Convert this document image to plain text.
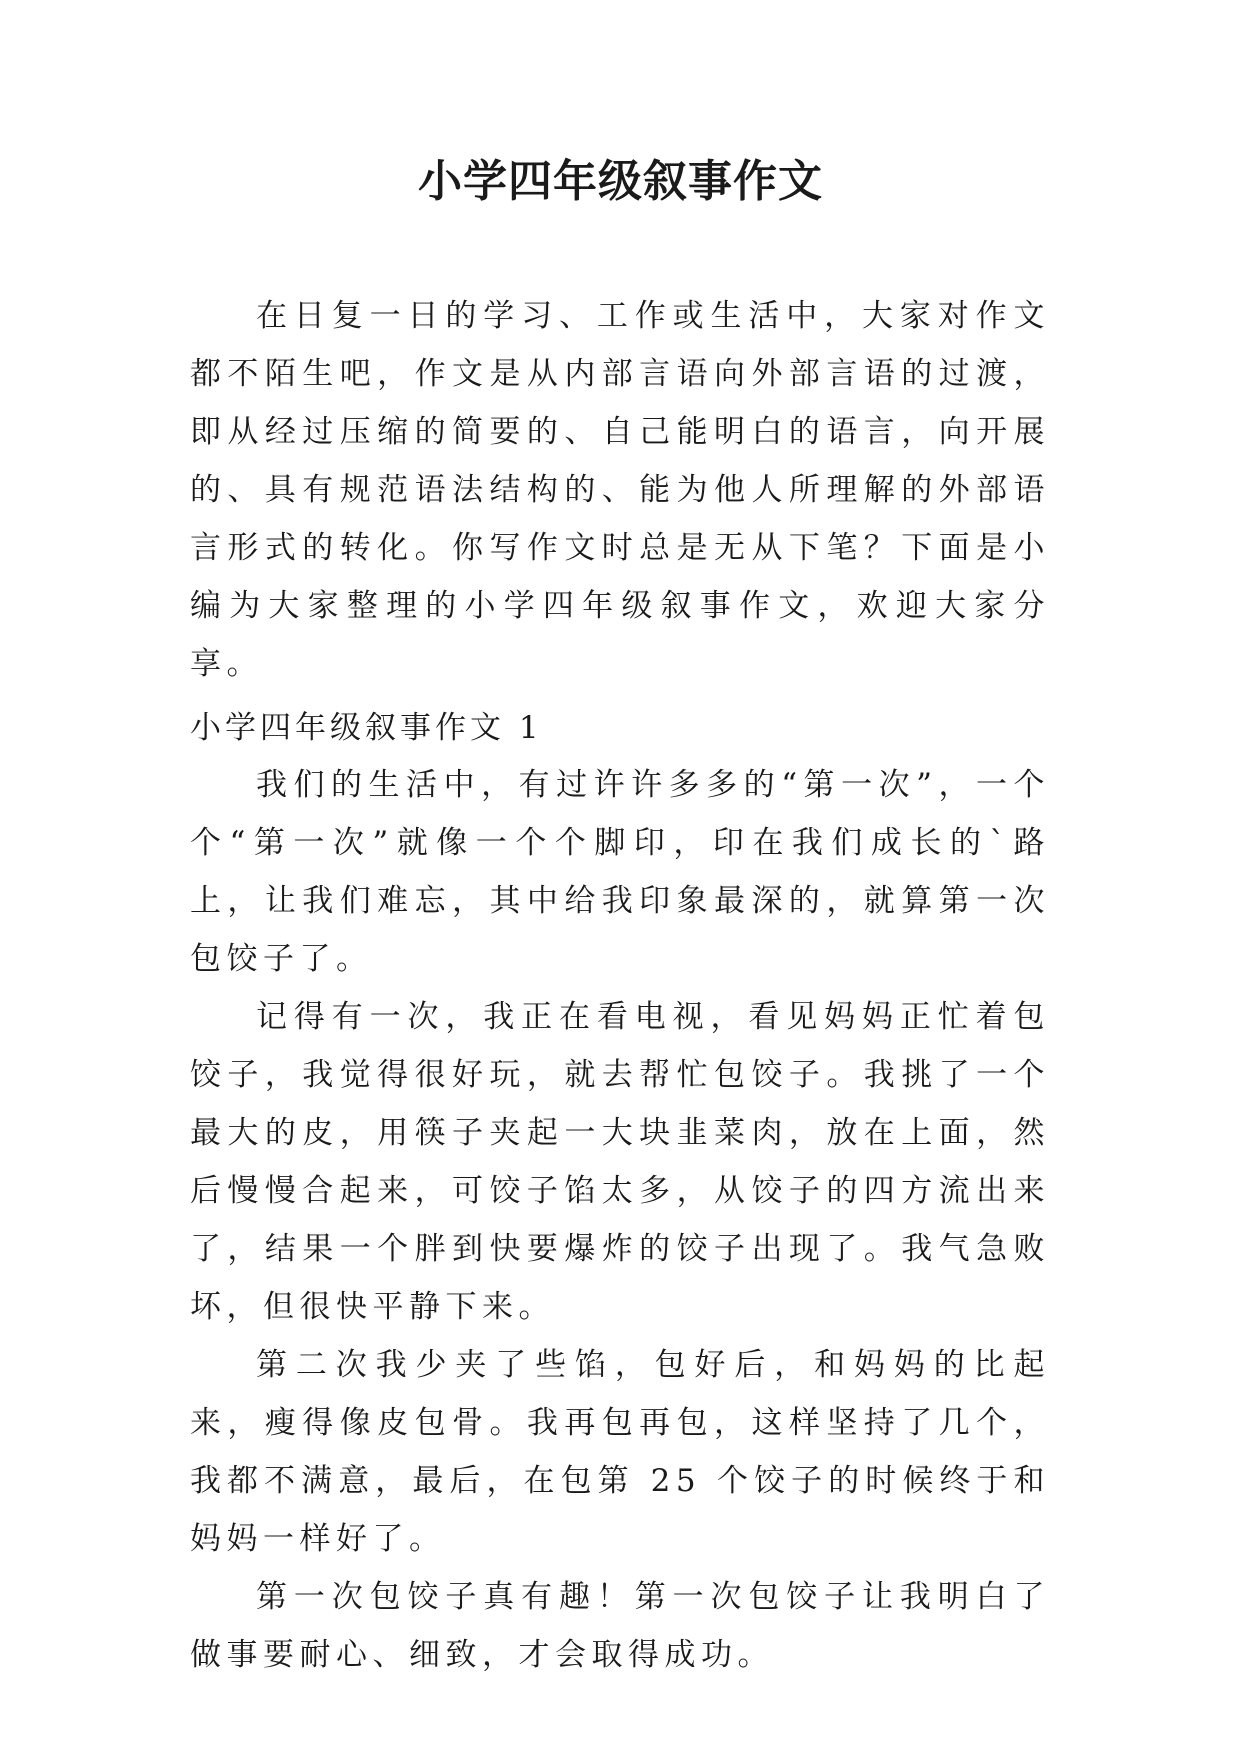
小学四年级叙事作文

在日复一日的学习、工作或生活中，大家对作文都不陌生吧，作文是从内部言语向外部言语的过渡，即从经过压缩的简要的、自己能明白的语言，向开展的、具有规范语法结构的、能为他人所理解的外部语言形式的转化。你写作文时总是无从下笔？下面是小编为大家整理的小学四年级叙事作文，欢迎大家分享。

小学四年级叙事作文 1

我们的生活中，有过许许多多的“第一次”，一个个“第一次”就像一个个脚印，印在我们成长的`路上，让我们难忘，其中给我印象最深的，就算第一次包饺子了。

记得有一次，我正在看电视，看见妈妈正忙着包饺子，我觉得很好玩，就去帮忙包饺子。我挑了一个最大的皮，用筷子夹起一大块韭菜肉，放在上面，然后慢慢合起来，可饺子馅太多，从饺子的四方流出来了，结果一个胖到快要爆炸的饺子出现了。我气急败坏，但很快平静下来。

第二次我少夹了些馅，包好后，和妈妈的比起来，瘦得像皮包骨。我再包再包，这样坚持了几个，我都不满意，最后，在包第 25 个饺子的时候终于和妈妈一样好了。

第一次包饺子真有趣！第一次包饺子让我明白了做事要耐心、细致，才会取得成功。
